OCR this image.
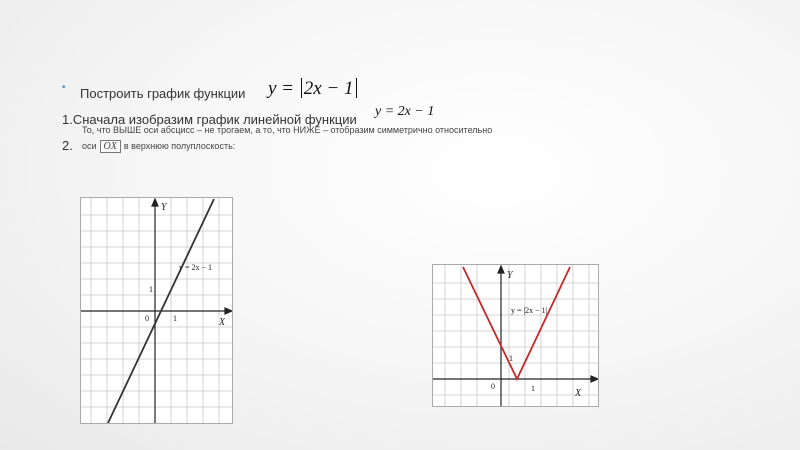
• Построить график функции y = 2x − 1
1.Сначала изобразим график линейной функции
y = 2x − 1
2.
То, что ВЫШЕ оси абсцисс – не трогаем, а то, что НИЖЕ – отобразим симметрично относительно
оси OX в верхнюю полуплоскость:
Y
X
0	1
1
y = 2x − 1
Y
X
0	1
1
y = |2x − 1|
